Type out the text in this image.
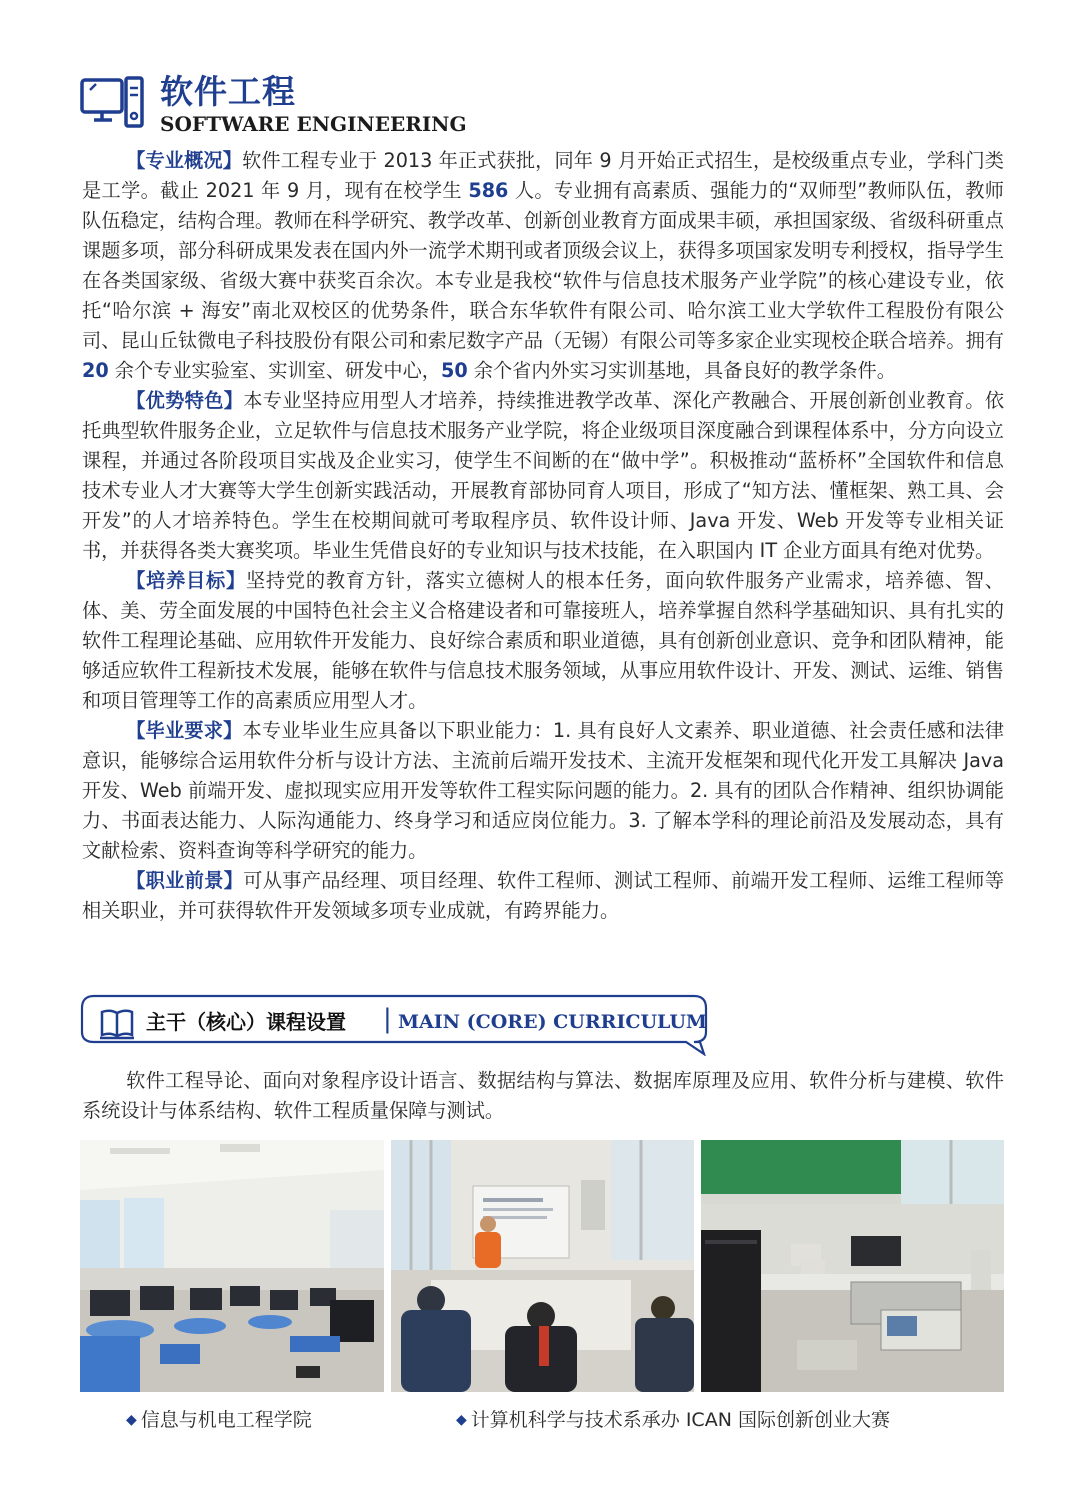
软件工程
SOFTWARE ENGINEERING

【专业概况】软件工程专业于 2013 年正式获批，同年 9 月开始正式招生，是校级重点专业，学科门类是工学。截止 2021 年 9 月，现有在校学生 586 人。专业拥有高素质、强能力的“双师型”教师队伍，教师队伍稳定，结构合理。教师在科学研究、教学改革、创新创业教育方面成果丰硕，承担国家级、省级科研重点课题多项，部分科研成果发表在国内外一流学术期刊或者顶级会议上，获得多项国家发明专利授权，指导学生在各类国家级、省级大赛中获奖百余次。本专业是我校“软件与信息技术服务产业学院”的核心建设专业，依托“哈尔滨 + 海安”南北双校区的优势条件，联合东华软件有限公司、哈尔滨工业大学软件工程股份有限公司、昆山丘钛微电子科技股份有限公司和索尼数字产品（无锡）有限公司等多家企业实现校企联合培养。拥有 20 余个专业实验室、实训室、研发中心，50 余个省内外实习实训基地，具备良好的教学条件。

【优势特色】本专业坚持应用型人才培养，持续推进教学改革、深化产教融合、开展创新创业教育。依托典型软件服务企业，立足软件与信息技术服务产业学院，将企业级项目深度融合到课程体系中，分方向设立课程，并通过各阶段项目实战及企业实习，使学生不间断的在“做中学”。积极推动“蓝桥杯”全国软件和信息技术专业人才大赛等大学生创新实践活动，开展教育部协同育人项目，形成了“知方法、懂框架、熟工具、会开发”的人才培养特色。学生在校期间就可考取程序员、软件设计师、Java 开发、Web 开发等专业相关证书，并获得各类大赛奖项。毕业生凭借良好的专业知识与技术技能，在入职国内 IT 企业方面具有绝对优势。

【培养目标】坚持党的教育方针，落实立德树人的根本任务，面向软件服务产业需求，培养德、智、体、美、劳全面发展的中国特色社会主义合格建设者和可靠接班人，培养掌握自然科学基础知识、具有扎实的软件工程理论基础、应用软件开发能力、良好综合素质和职业道德，具有创新创业意识、竞争和团队精神，能够适应软件工程新技术发展，能够在软件与信息技术服务领域，从事应用软件设计、开发、测试、运维、销售和项目管理等工作的高素质应用型人才。

【毕业要求】本专业毕业生应具备以下职业能力：1. 具有良好人文素养、职业道德、社会责任感和法律意识，能够综合运用软件分析与设计方法、主流前后端开发技术、主流开发框架和现代化开发工具解决 Java 开发、Web 前端开发、虚拟现实应用开发等软件工程实际问题的能力。2. 具有的团队合作精神、组织协调能力、书面表达能力、人际沟通能力、终身学习和适应岗位能力。3. 了解本学科的理论前沿及发展动态，具有文献检索、资料查询等科学研究的能力。

【职业前景】可从事产品经理、项目经理、软件工程师、测试工程师、前端开发工程师、运维工程师等相关职业，并可获得软件开发领域多项专业成就，有跨界能力。

主干（核心）课程设置 | MAIN (CORE) CURRICULUM

软件工程导论、面向对象程序设计语言、数据结构与算法、数据库原理及应用、软件分析与建模、软件系统设计与体系结构、软件工程质量保障与测试。

◆ 信息与机电工程学院	◆ 计算机科学与技术系承办 ICAN 国际创新创业大赛
